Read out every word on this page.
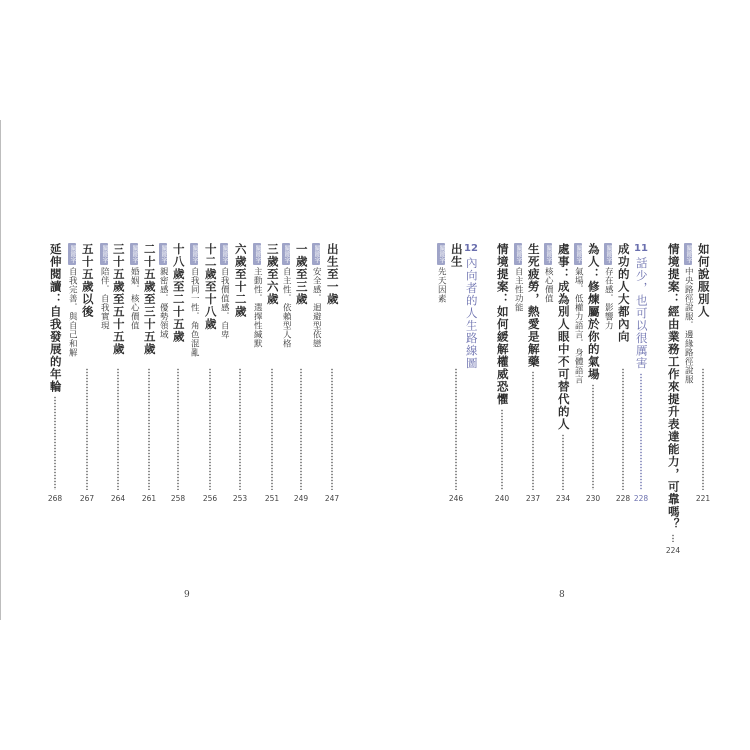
出生至一歲
247
關鍵字
安全感．迴避型依戀
一歲至三歲
249
關鍵字
自主性．依賴型人格
三歲至六歲
251
關鍵字
主動性．選擇性緘默
六歲至十二歲
253
關鍵字
自我價值感．自卑
十二歲至十八歲
256
關鍵字
自我同一性．角色混亂
十八歲至二十五歲
258
關鍵字
親密感．優勢領域
二十五歲至三十五歲
261
關鍵字
婚姻．核心價值
三十五歲至五十五歲
264
關鍵字
陪伴．自我實現
五十五歲以後
267
關鍵字
自我完善．與自己和解
延伸閱讀：自我發展的年輪
268
9
如何說服別人
221
關鍵字
中央路徑說服．邊緣路徑說服
情境提案：經由業務工作來提升表達能力，可靠嗎？
224
11
話少，也可以很厲害
228
成功的人大都內向
228
關鍵字
存在感．影響力
為人：修煉屬於你的氣場
230
關鍵字
氣場．低權力語言．身體語言
處事：成為別人眼中不可替代的人
234
關鍵字
核心價值
生死疲勞，熱愛是解藥
237
關鍵字
自主性功能
情境提案：如何緩解權威恐懼
240
12
內向者的人生路線圖
出生
246
關鍵字
先天因素
8
